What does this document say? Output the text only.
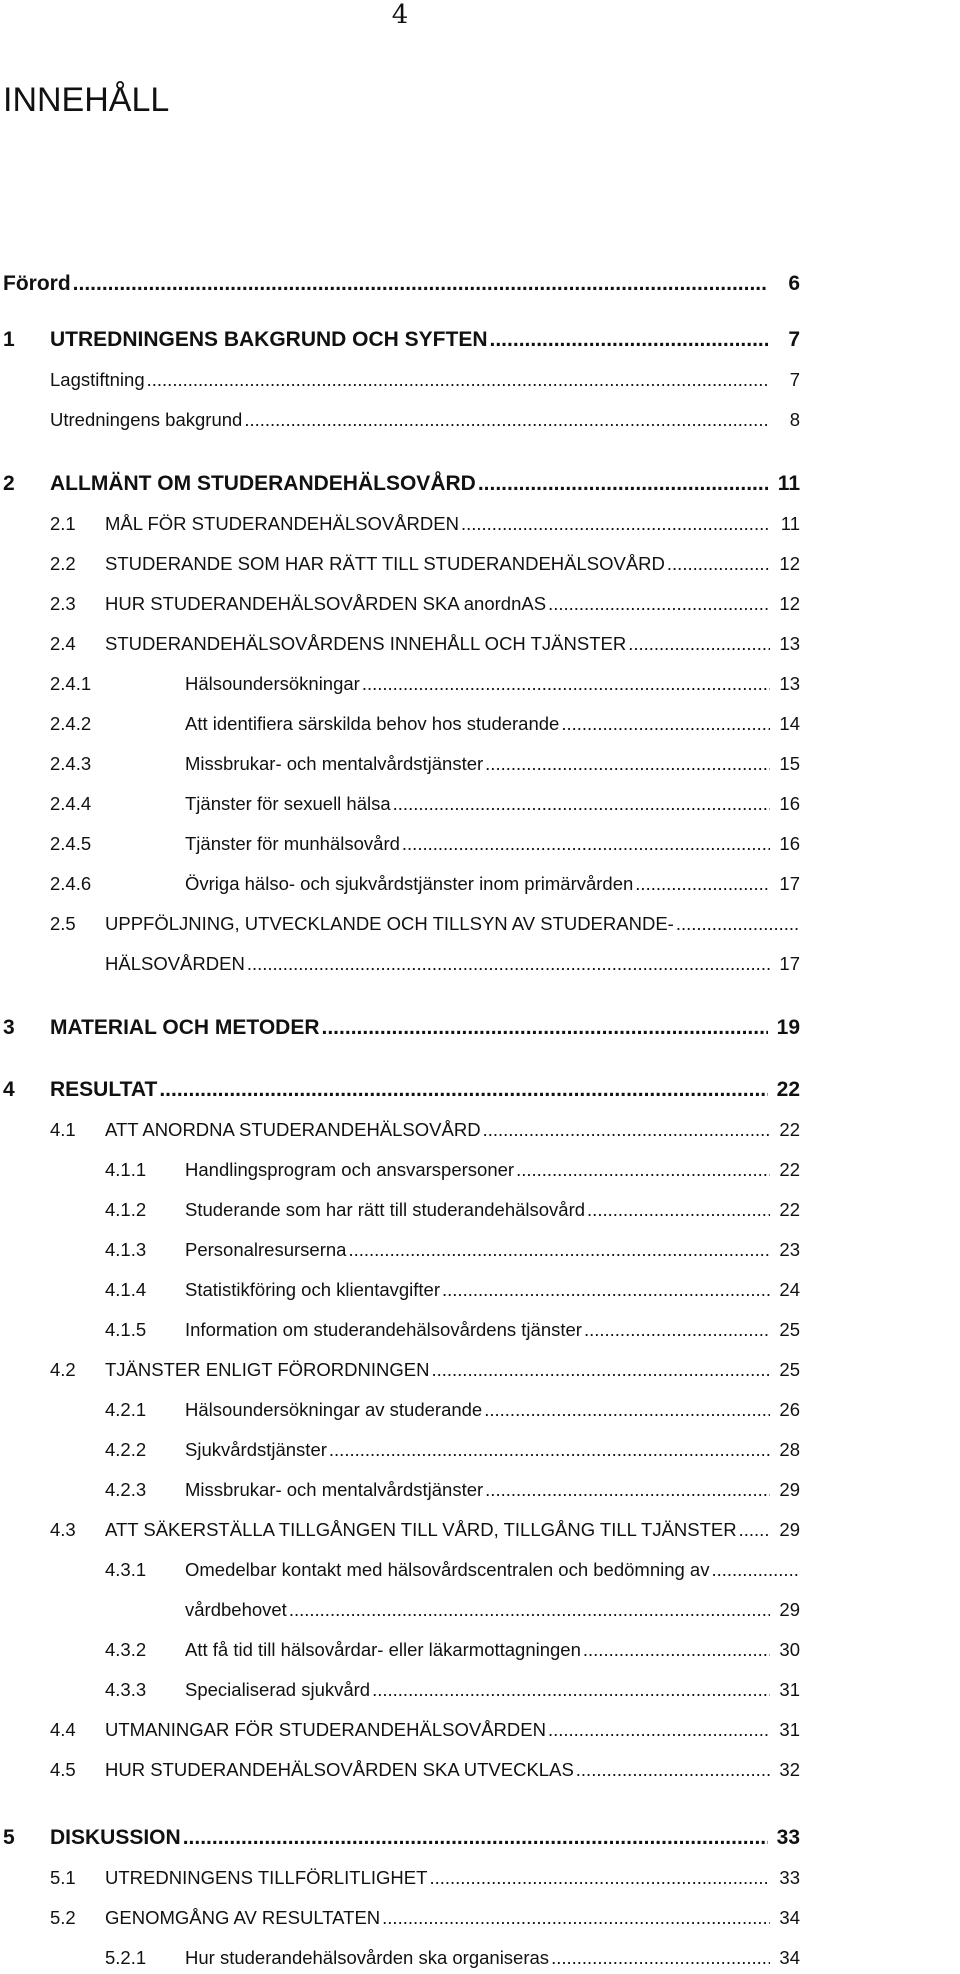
4
INNEHÅLL
Förord .....	6
1 UTREDNINGENS BAKGRUND OCH SYFTEN .....	7
Lagstiftning .....	7
Utredningens bakgrund .....	8
2 ALLMÄNT OM STUDERANDEHÄLSOVÅRD .....	11
2.1 MÅL FÖR STUDERANDEHÄLSOVÅRDEN .....	11
2.2 STUDERANDE SOM HAR RÄTT TILL STUDERANDEHÄLSOVÅRD .....	12
2.3 HUR STUDERANDEHÄLSOVÅRDEN SKA anordnAS .....	12
2.4 STUDERANDEHÄLSOVÅRDENS INNEHÅLL OCH TJÄNSTER .....	13
2.4.1	Hälsoundersökningar .....	13
2.4.2	Att identifiera särskilda behov hos studerande .....	14
2.4.3	Missbrukar- och mentalvårdstjänster .....	15
2.4.4	Tjänster för sexuell hälsa .....	16
2.4.5	Tjänster för munhälsovård .....	16
2.4.6	Övriga hälso- och sjukvårdstjänster inom primärvården .....	17
2.5 UPPFÖLJNING, UTVECKLANDE OCH TILLSYN AV STUDERANDE-
.....
HÄLSOVÅRDEN .....	17
3 MATERIAL OCH METODER .....	19
4 RESULTAT .....	22
4.1 ATT ANORDNA STUDERANDEHÄLSOVÅRD .....	22
4.1.1 Handlingsprogram och ansvarspersoner .....	22
4.1.2 Studerande som har rätt till studerandehälsovård .....	22
4.1.3 Personalresurserna .....	23
4.1.4 Statistikföring och klientavgifter .....	24
4.1.5 Information om studerandehälsovårdens tjänster .....	25
4.2 TJÄNSTER ENLIGT FÖRORDNINGEN .....	25
4.2.1 Hälsoundersökningar av studerande .....	26
4.2.2 Sjukvårdstjänster .....	28
4.2.3 Missbrukar- och mentalvårdstjänster .....	29
4.3 ATT SÄKERSTÄLLA TILLGÅNGEN TILL VÅRD, TILLGÅNG TILL TJÄNSTER .....	29
4.3.1 Omedelbar kontakt med hälsovårdscentralen och bedömning av
.....
vårdbehovet .....	29
4.3.2 Att få tid till hälsovårdar- eller läkarmottagningen .....	30
4.3.3 Specialiserad sjukvård .....	31
4.4 UTMANINGAR FÖR STUDERANDEHÄLSOVÅRDEN .....	31
4.5 HUR STUDERANDEHÄLSOVÅRDEN SKA UTVECKLAS .....	32
5 DISKUSSION .....	33
5.1 UTREDNINGENS TILLFÖRLITLIGHET .....	33
5.2 GENOMGÅNG AV RESULTATEN .....	34
5.2.1 Hur studerandehälsovården ska organiseras .....	34
